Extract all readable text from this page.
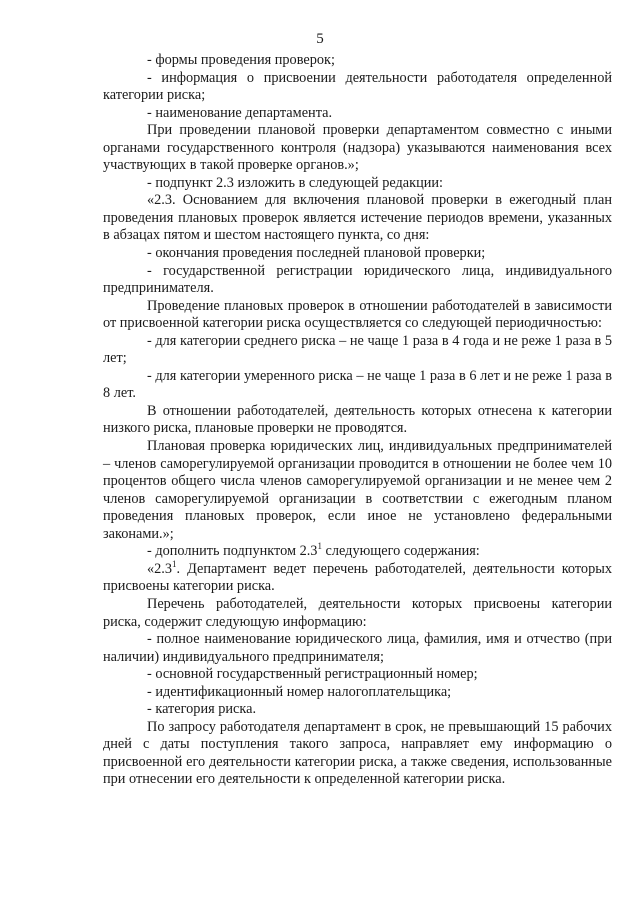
5

- формы проведения проверок;

- информация о присвоении деятельности работодателя определенной категории риска;

- наименование департамента.

При проведении плановой проверки департаментом совместно с иными органами государственного контроля (надзора) указываются наименования всех участвующих в такой проверке органов.»;

- подпункт 2.3 изложить в следующей редакции:

«2.3. Основанием для включения плановой проверки в ежегодный план проведения плановых проверок является истечение периодов времени, указанных в абзацах пятом и шестом настоящего пункта, со дня:

- окончания проведения последней плановой проверки;

- государственной регистрации юридического лица, индивидуального предпринимателя.

Проведение плановых проверок в отношении работодателей в зависимости от присвоенной категории риска осуществляется со следующей периодичностью:

- для категории среднего риска – не чаще 1 раза в 4 года и не реже 1 раза в 5 лет;

- для категории умеренного риска – не чаще 1 раза в 6 лет и не реже 1 раза в 8 лет.

В отношении работодателей, деятельность которых отнесена к категории низкого риска, плановые проверки не проводятся.

Плановая проверка юридических лиц, индивидуальных предпринимателей – членов саморегулируемой организации проводится в отношении не более чем 10 процентов общего числа членов саморегулируемой организации и не менее чем 2 членов саморегулируемой организации в соответствии с ежегодным планом проведения плановых проверок, если иное не установлено федеральными законами.»;

- дополнить подпунктом $2.3^1$ следующего содержания:

«$2.3^1$. Департамент ведет перечень работодателей, деятельности которых присвоены категории риска.

Перечень работодателей, деятельности которых присвоены категории риска, содержит следующую информацию:

- полное наименование юридического лица, фамилия, имя и отчество (при наличии) индивидуального предпринимателя;

- основной государственный регистрационный номер;

- идентификационный номер налогоплательщика;

- категория риска.

По запросу работодателя департамент в срок, не превышающий 15 рабочих дней с даты поступления такого запроса, направляет ему информацию о присвоенной его деятельности категории риска, а также сведения, использованные при отнесении его деятельности к определенной категории риска.
